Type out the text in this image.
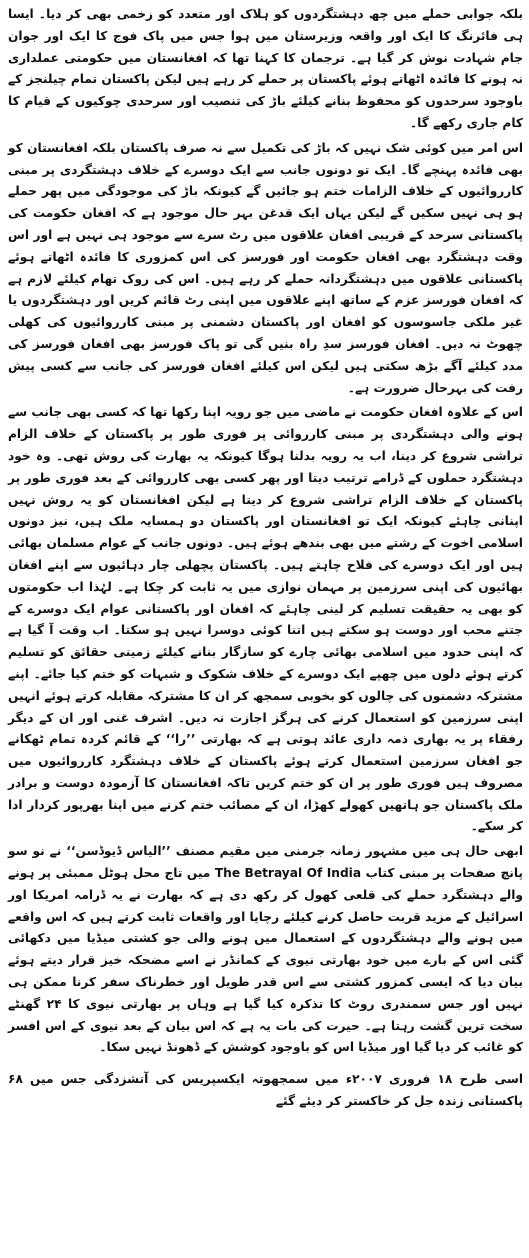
بلکہ جوابی حملے میں چھ دہشتگردوں کو ہلاک اور متعدد کو زخمی بھی کر دیا۔ ایسا ہی فائرنگ کا ایک اور واقعہ وزیرستان میں ہوا جس میں پاک فوج کا ایک اور جوان جام شہادت نوش کر گیا ہے۔ ترجمان کا کہنا تھا کہ افغانستان میں حکومتی عملداری نہ ہونے کا فائدہ اٹھاتے ہوئے پاکستان پر حملے کر رہے ہیں لیکن پاکستان تمام چیلنجز کے باوجود سرحدوں کو محفوظ بنانے کیلئے باڑ کی تنصیب اور سرحدی چوکیوں کے قیام کا کام جاری رکھے گا۔

اس امر میں کوئی شک نہیں کہ باڑ کی تکمیل سے نہ صرف پاکستان بلکہ افغانستان کو بھی فائدہ پہنچے گا۔ ایک تو دونوں جانب سے ایک دوسرے کے خلاف دہشتگردی پر مبنی کارروائیوں کے خلاف الزامات ختم ہو جائیں گے کیونکہ باڑ کی موجودگی میں پھر حملے ہو ہی نہیں سکیں گے لیکن یہاں ایک قدغن بہر حال موجود ہے کہ افغان حکومت کی پاکستانی سرحد کے قریبی افغان علاقوں میں رٹ سرے سے موجود ہی نہیں ہے اور اس وقت دہشتگرد بھی افغان حکومت اور فورسز کی اس کمزوری کا فائدہ اٹھاتے ہوئے پاکستانی علاقوں میں دہشتگردانہ حملے کر رہے ہیں۔ اس کی روک تھام کیلئے لازم ہے کہ افغان فورسز عزم کے ساتھ اپنے علاقوں میں اپنی رٹ قائم کریں اور دہشتگردوں یا غیر ملکی جاسوسوں کو افغان اور پاکستان دشمنی پر مبنی کارروائیوں کی کھلی چھوٹ نہ دیں۔ افغان فورسز سدِ راہ بنیں گی تو پاک فورسز بھی افغان فورسز کی مدد کیلئے آگے بڑھ سکتی ہیں لیکن اس کیلئے افغان فورسز کی جانب سے کسی پیش رفت کی بہرحال ضرورت ہے۔

اس کے علاوہ افغان حکومت نے ماضی میں جو رویہ اپنا رکھا تھا کہ کسی بھی جانب سے ہونے والی دہشتگردی پر مبنی کارروائی پر فوری طور پر پاکستان کے خلاف الزام تراشی شروع کر دینا، اب یہ رویہ بدلنا ہوگا کیونکہ یہ بھارت کی روش تھی۔ وہ خود دہشتگرد حملوں کے ڈرامے ترتیب دیتا اور پھر کسی بھی کارروائی کے بعد فوری طور پر پاکستان کے خلاف الزام تراشی شروع کر دیتا ہے لیکن افغانستان کو یہ روش نہیں اپنانی چاہئے کیونکہ ایک تو افغانستان اور پاکستان دو ہمسایہ ملک ہیں، نیز دونوں اسلامی اخوت کے رشتے میں بھی بندھے ہوئے ہیں۔ دونوں جانب کے عوام مسلمان بھائی ہیں اور ایک دوسرے کی فلاح چاہتے ہیں۔ پاکستان پچھلی چار دہائیوں سے اپنے افغان بھائیوں کی اپنی سرزمین پر مہمان نوازی میں یہ ثابت کر چکا ہے۔ لہٰذا اب حکومتوں کو بھی یہ حقیقت تسلیم کر لینی چاہئے کہ افغان اور پاکستانی عوام ایک دوسرے کے جتنے محب اور دوست ہو سکتے ہیں اتنا کوئی دوسرا نہیں ہو سکتا۔ اب وقت آ گیا ہے کہ اپنی حدود میں اسلامی بھائی چارے کو سازگار بنانے کیلئے زمینی حقائق کو تسلیم کرتے ہوئے دلوں میں چھپے ایک دوسرے کے خلاف شکوک و شبہات کو ختم کیا جائے۔ اپنے مشترکہ دشمنوں کی چالوں کو بخوبی سمجھ کر ان کا مشترکہ مقابلہ کرتے ہوئے انہیں اپنی سرزمین کو استعمال کرنے کی ہرگز اجازت نہ دیں۔ اشرف غنی اور ان کے دیگر رفقاء پر یہ بھاری ذمہ داری عائد ہوتی ہے کہ بھارتی ’’را‘‘ کے قائم کردہ تمام ٹھکانے جو افغان سرزمین استعمال کرتے ہوئے پاکستان کے خلاف دہشتگرد کارروائیوں میں مصروف ہیں فوری طور پر ان کو ختم کریں تاکہ افغانستان کا آزمودہ دوست و برادر ملک پاکستان جو ہاتھیں کھولے کھڑا، ان کے مصائب ختم کرنے میں اپنا بھرپور کردار ادا کر سکے۔

ابھی حال ہی میں مشہور زمانہ جرمنی میں مقیم مصنف ’’الیاس ڈیوڈسن‘‘ نے نو سو پانچ صفحات پر مبنی کتاب The Betrayal Of India میں تاج محل ہوٹل ممبئی پر ہونے والے دہشتگرد حملے کی قلعی کھول کر رکھ دی ہے کہ بھارت نے یہ ڈرامہ امریکا اور اسرائیل کے مزید قربت حاصل کرنے کیلئے رچایا اور واقعات ثابت کرتے ہیں کہ اس واقعے میں ہونے والے دہشتگردوں کے استعمال میں ہونے والی جو کشتی میڈیا میں دکھائی گئی اس کے بارے میں خود بھارتی نیوی کے کمانڈر نے اسے مضحکہ خیز قرار دیتے ہوئے بیان دیا کہ ایسی کمزور کشتی سے اس قدر طویل اور خطرناک سفر کرنا ممکن ہی نہیں اور جس سمندری روٹ کا تذکرہ کیا گیا ہے وہاں پر بھارتی نیوی کا ۲۴ گھنٹے سخت ترین گشت رہتا ہے۔ حیرت کی بات یہ ہے کہ اس بیان کے بعد نیوی کے اس افسر کو غائب کر دیا گیا اور میڈیا اس کو باوجود کوشش کے ڈھونڈ نہیں سکا۔

اسی طرح ۱۸ فروری ۲۰۰۷ء میں سمجھوتہ ایکسپریس کی آتشزدگی جس میں ۶۸ پاکستانی زندہ جل کر خاکستر کر دیئے گئے
